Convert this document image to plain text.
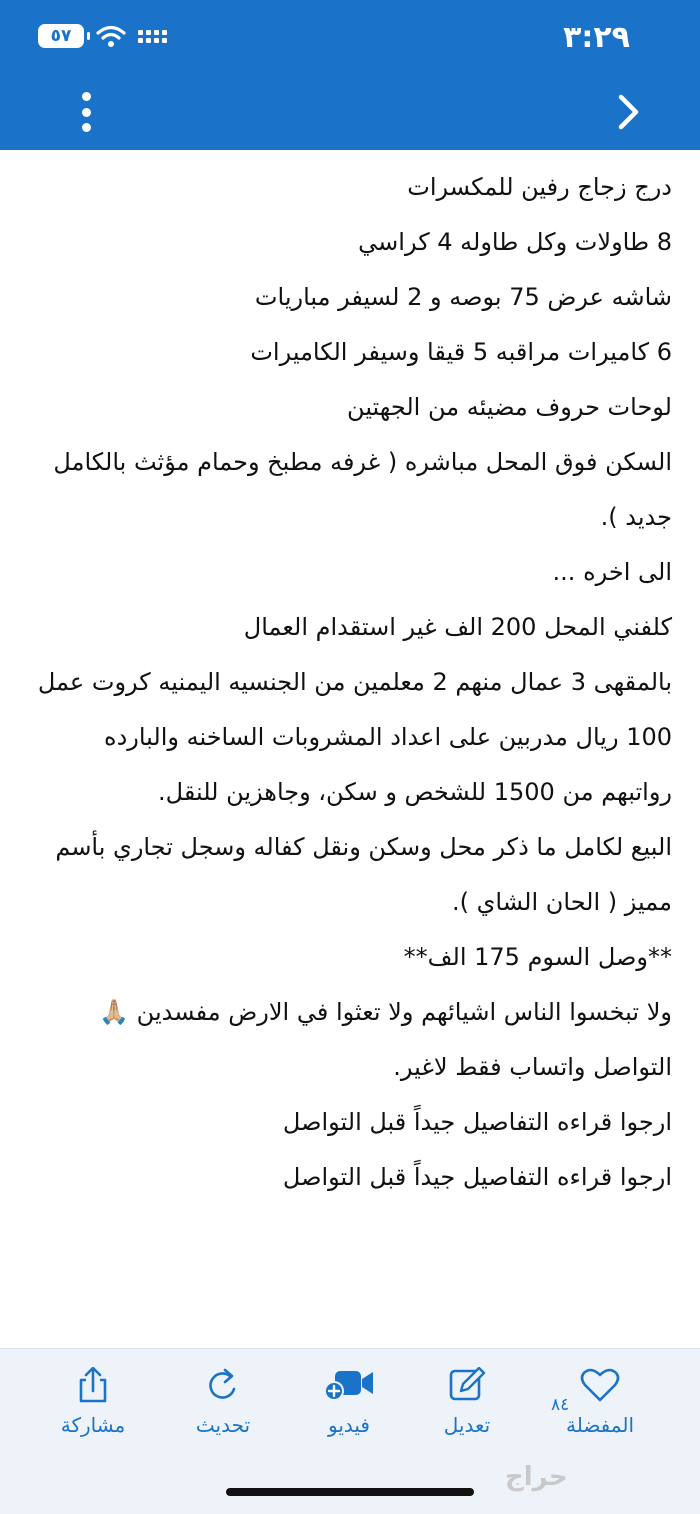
٣:٢٩
٥٧

درج زجاج رفين للمكسرات

8 طاولات وكل طاوله 4 كراسي

شاشه عرض 75 بوصه و 2 لسيفر مباريات

6 كاميرات مراقبه 5 قيقا وسيفر الكاميرات

لوحات حروف مضيئه من الجهتين

السكن فوق المحل مباشره ( غرفه مطبخ وحمام مؤثث بالكامل جديد ).

الى اخره ...

كلفني المحل 200 الف غير استقدام العمال

بالمقهى 3 عمال منهم 2 معلمين من الجنسيه اليمنيه كروت عمل 100 ريال مدربين على اعداد المشروبات الساخنه والبارده رواتبهم من 1500 للشخص و سكن، وجاهزين للنقل.

البيع لكامل ما ذكر محل وسكن ونقل كفاله وسجل تجاري بأسم مميز ( الحان الشاي ).

**وصل السوم 175 الف**

ولا تبخسوا الناس اشيائهم ولا تعثوا في الارض مفسدين 🙏🏼

التواصل واتساب فقط لاغير.

ارجوا قراءه التفاصيل جيداً قبل التواصل

ارجوا قراءه التفاصيل جيداً قبل التواصل

٨٤
المفضلة
تعديل
فيديو
تحديث
مشاركة
حراج
